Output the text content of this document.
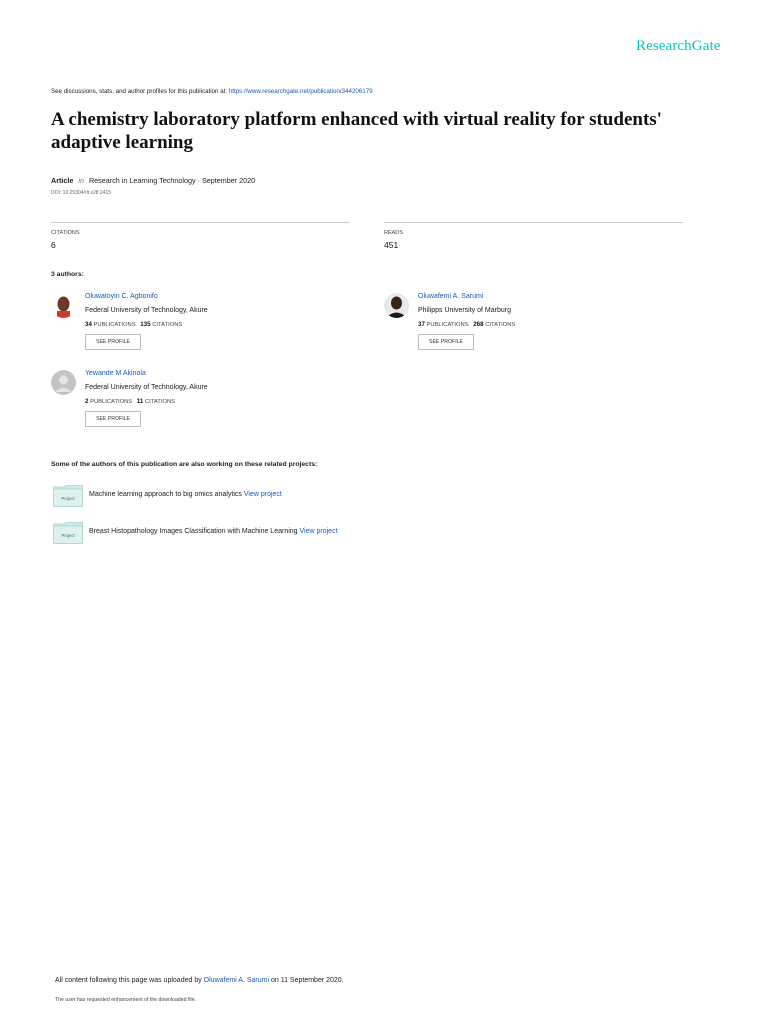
ResearchGate
See discussions, stats, and author profiles for this publication at: https://www.researchgate.net/publication/344206179
A chemistry laboratory platform enhanced with virtual reality for students' adaptive learning
Article in Research in Learning Technology · September 2020
DOI: 10.25304/rlt.v28.2415
CITATIONS
6
READS
451
3 authors:
Oluwatoyin C. Agbonifo
Federal University of Technology, Akure
34 PUBLICATIONS 135 CITATIONS
SEE PROFILE
Oluwafemi A. Sarumi
Philipps University of Marburg
37 PUBLICATIONS 268 CITATIONS
SEE PROFILE
Yewande M Akinola
Federal University of Technology, Akure
2 PUBLICATIONS 11 CITATIONS
SEE PROFILE
Some of the authors of this publication are also working on these related projects:
Project
Machine learning approach to big omics analytics View project
Project
Breast Histopathology Images Classification with Machine Learning View project
All content following this page was uploaded by Oluwafemi A. Sarumi on 11 September 2020.
The user has requested enhancement of the downloaded file.
